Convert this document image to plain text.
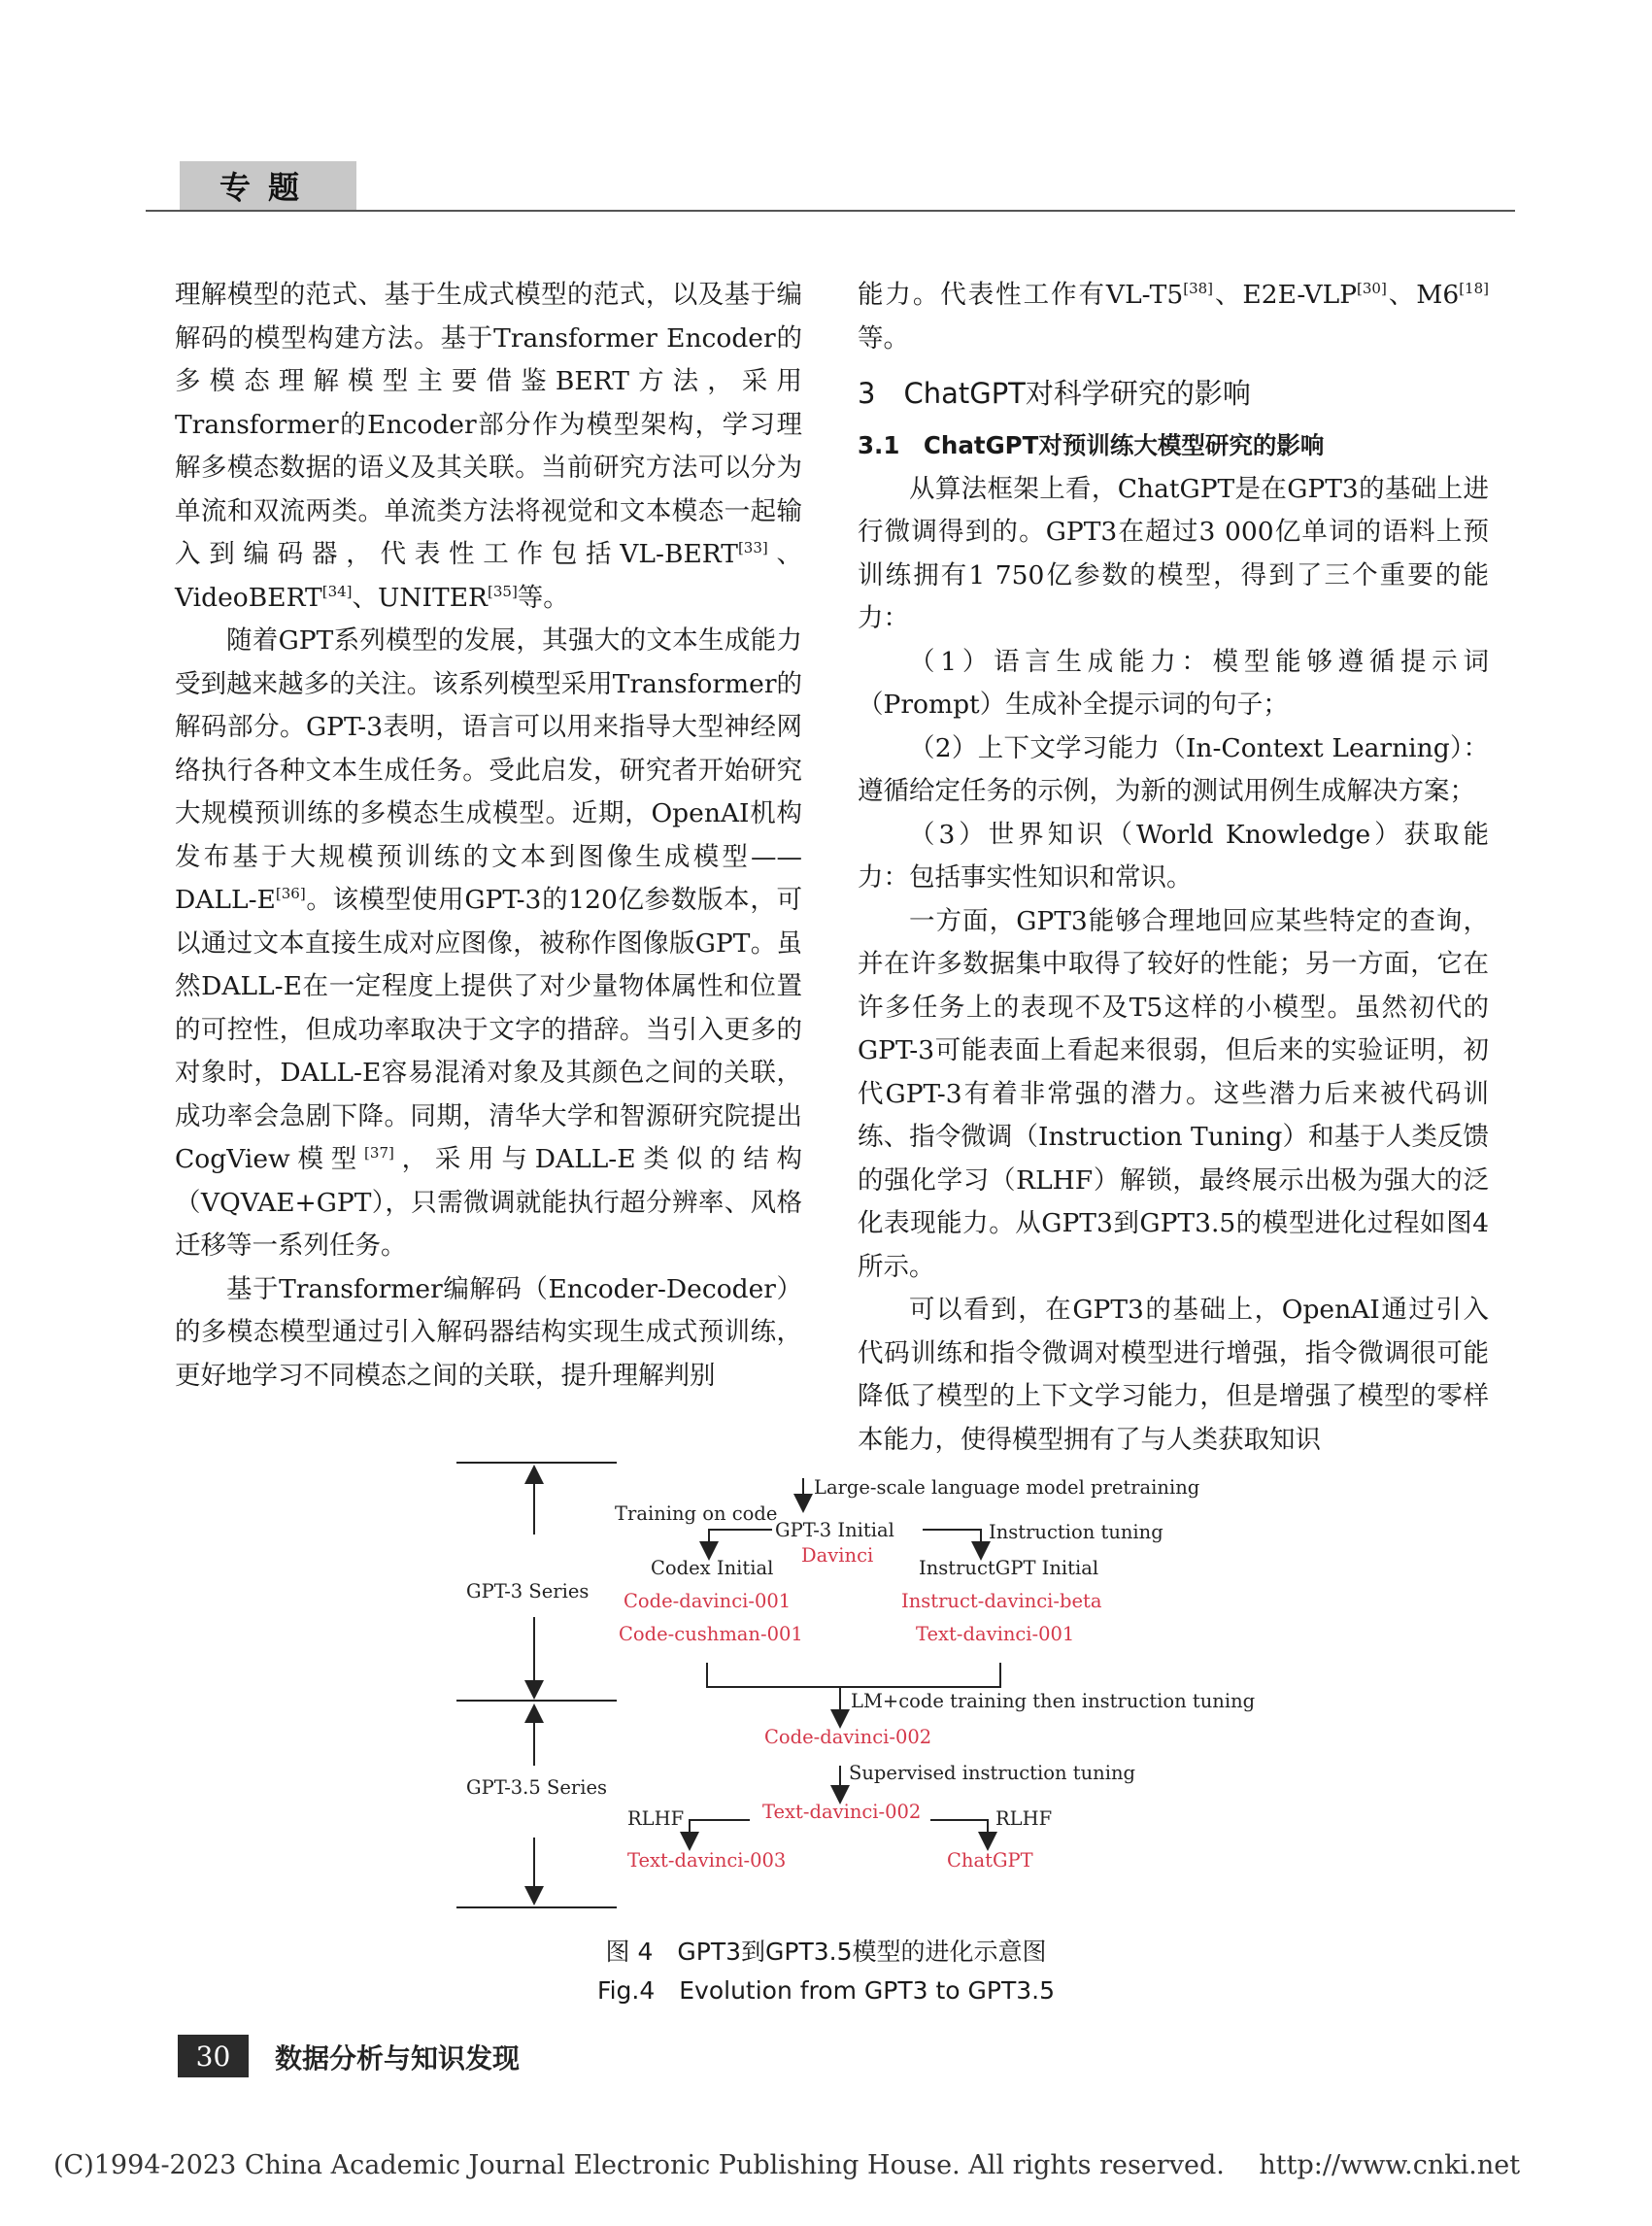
专题

理解模型的范式、基于生成式模型的范式，以及基于编解码的模型构建方法。基于Transformer Encoder的多模态理解模型主要借鉴BERT方法，采用Transformer的Encoder部分作为模型架构，学习理解多模态数据的语义及其关联。当前研究方法可以分为单流和双流两类。单流类方法将视觉和文本模态一起输入到编码器，代表性工作包括VL-BERT[33]、VideoBERT[34]、UNITER[35]等。

随着GPT系列模型的发展，其强大的文本生成能力受到越来越多的关注。该系列模型采用Transformer的解码部分。GPT-3表明，语言可以用来指导大型神经网络执行各种文本生成任务。受此启发，研究者开始研究大规模预训练的多模态生成模型。近期，OpenAI机构发布基于大规模预训练的文本到图像生成模型——DALL-E[36]。该模型使用GPT-3的120亿参数版本，可以通过文本直接生成对应图像，被称作图像版GPT。虽然DALL-E在一定程度上提供了对少量物体属性和位置的可控性，但成功率取决于文字的措辞。当引入更多的对象时，DALL-E容易混淆对象及其颜色之间的关联，成功率会急剧下降。同期，清华大学和智源研究院提出CogView模型[37]，采用与DALL-E类似的结构（VQVAE+GPT），只需微调就能执行超分辨率、风格迁移等一系列任务。

基于Transformer编解码（Encoder-Decoder）的多模态模型通过引入解码器结构实现生成式预训练，更好地学习不同模态之间的关联，提升理解判别

能力。代表性工作有VL-T5[38]、E2E-VLP[30]、M6[18]等。

3　ChatGPT对科学研究的影响

3.1　ChatGPT对预训练大模型研究的影响

从算法框架上看，ChatGPT是在GPT3的基础上进行微调得到的。GPT3在超过3 000亿单词的语料上预训练拥有1 750亿参数的模型，得到了三个重要的能力：

（1）语言生成能力：模型能够遵循提示词（Prompt）生成补全提示词的句子；

（2）上下文学习能力（In-Context Learning）：遵循给定任务的示例，为新的测试用例生成解决方案；

（3）世界知识（World Knowledge）获取能力：包括事实性知识和常识。

一方面，GPT3能够合理地回应某些特定的查询，并在许多数据集中取得了较好的性能；另一方面，它在许多任务上的表现不及T5这样的小模型。虽然初代的GPT-3可能表面上看起来很弱，但后来的实验证明，初代GPT-3有着非常强的潜力。这些潜力后来被代码训练、指令微调（Instruction Tuning）和基于人类反馈的强化学习（RLHF）解锁，最终展示出极为强大的泛化表现能力。从GPT3到GPT3.5的模型进化过程如图4所示。

可以看到，在GPT3的基础上，OpenAI通过引入代码训练和指令微调对模型进行增强，指令微调很可能降低了模型的上下文学习能力，但是增强了模型的零样本能力，使得模型拥有了与人类获取知识

GPT-3 Series
GPT-3.5 Series
Large-scale language model pretraining
Training on code
GPT-3 Initial
Davinci
Instruction tuning
Codex Initial	InstructGPT Initial
Code-davinci-001
Code-cushman-001
Instruct-davinci-beta
Text-davinci-001
LM+code training then instruction tuning
Code-davinci-002
Supervised instruction tuning
RLHF	Text-davinci-002	RLHF
Text-davinci-003	ChatGPT
图 4　GPT3到GPT3.5模型的进化示意图
Fig.4　Evolution from GPT3 to GPT3.5
30	数据分析与知识发现
(C)1994-2023 China Academic Journal Electronic Publishing House. All rights reserved.　 http://www.cnki.net
